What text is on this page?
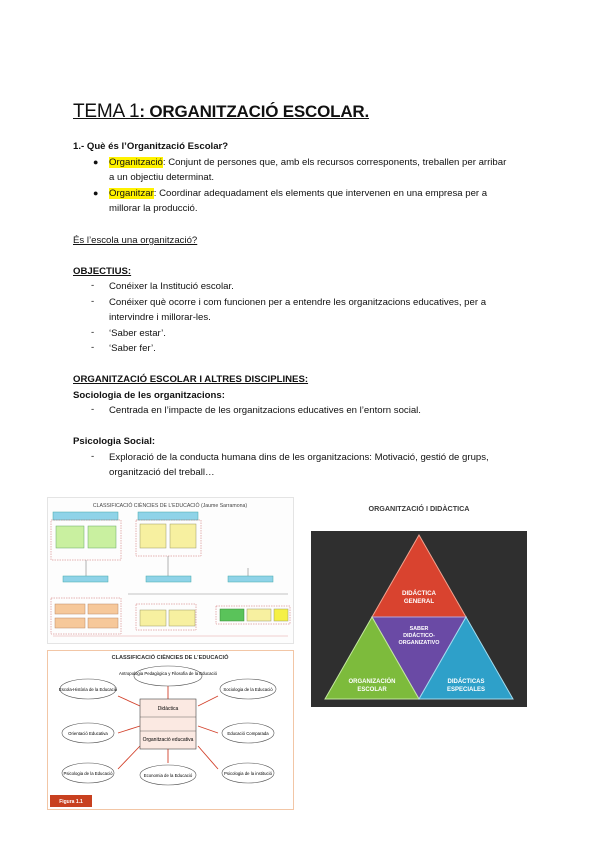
TEMA 1: ORGANITZACIÓ ESCOLAR.
1.- Què és l’Organització Escolar?
● Organització: Conjunt de persones que, amb els recursos corresponents, treballen per arribar
a un objectiu determinat.
● Organitzar: Coordinar adequadament els elements que intervenen en una empresa per a
millorar la producció.
És l’escola una organització?
OBJECTIUS:
- Conéixer la Institució escolar.
- Conéixer què ocorre i com funcionen per a entendre les organitzacions educatives, per a
intervindre i millorar-les.
- ‘Saber estar’.
- ‘Saber fer’.
ORGANITZACIÓ ESCOLAR I ALTRES DISCIPLINES:
Sociologia de les organitzacions:
- Centrada en l’impacte de les organitzacions educatives en l’entorn social.
Psicologia Social:
- Exploració de la conducta humana dins de les organitzacions: Motivació, gestió de grups,
organització del treball…
CLASSIFICACIÓ CIÈNCIES DE L’EDUCACIÓ (Jaume Sarramona)
CLASSIFICACIÓ CIÈNCIES DE L’EDUCACIÓ
Didàctica
Organització educativa
Antropologia Pedagògica y Filosofia de la Educació
Escola-Història de la Educació	Sociologia de la Educació
Orientació Educativa	Educació Comparada
Psicologia de la Educació	Psicologia de la institució
Economia de la Educació
Figura 1.1
ORGANITZACIÓ I DIDÀCTICA
DIDÁCTICA
GENERAL
SABER
DIDÁCTICO-
ORGANIZATIVO
ORGANIZACIÓN
ESCOLAR
DIDÁCTICAS
ESPECIALES
